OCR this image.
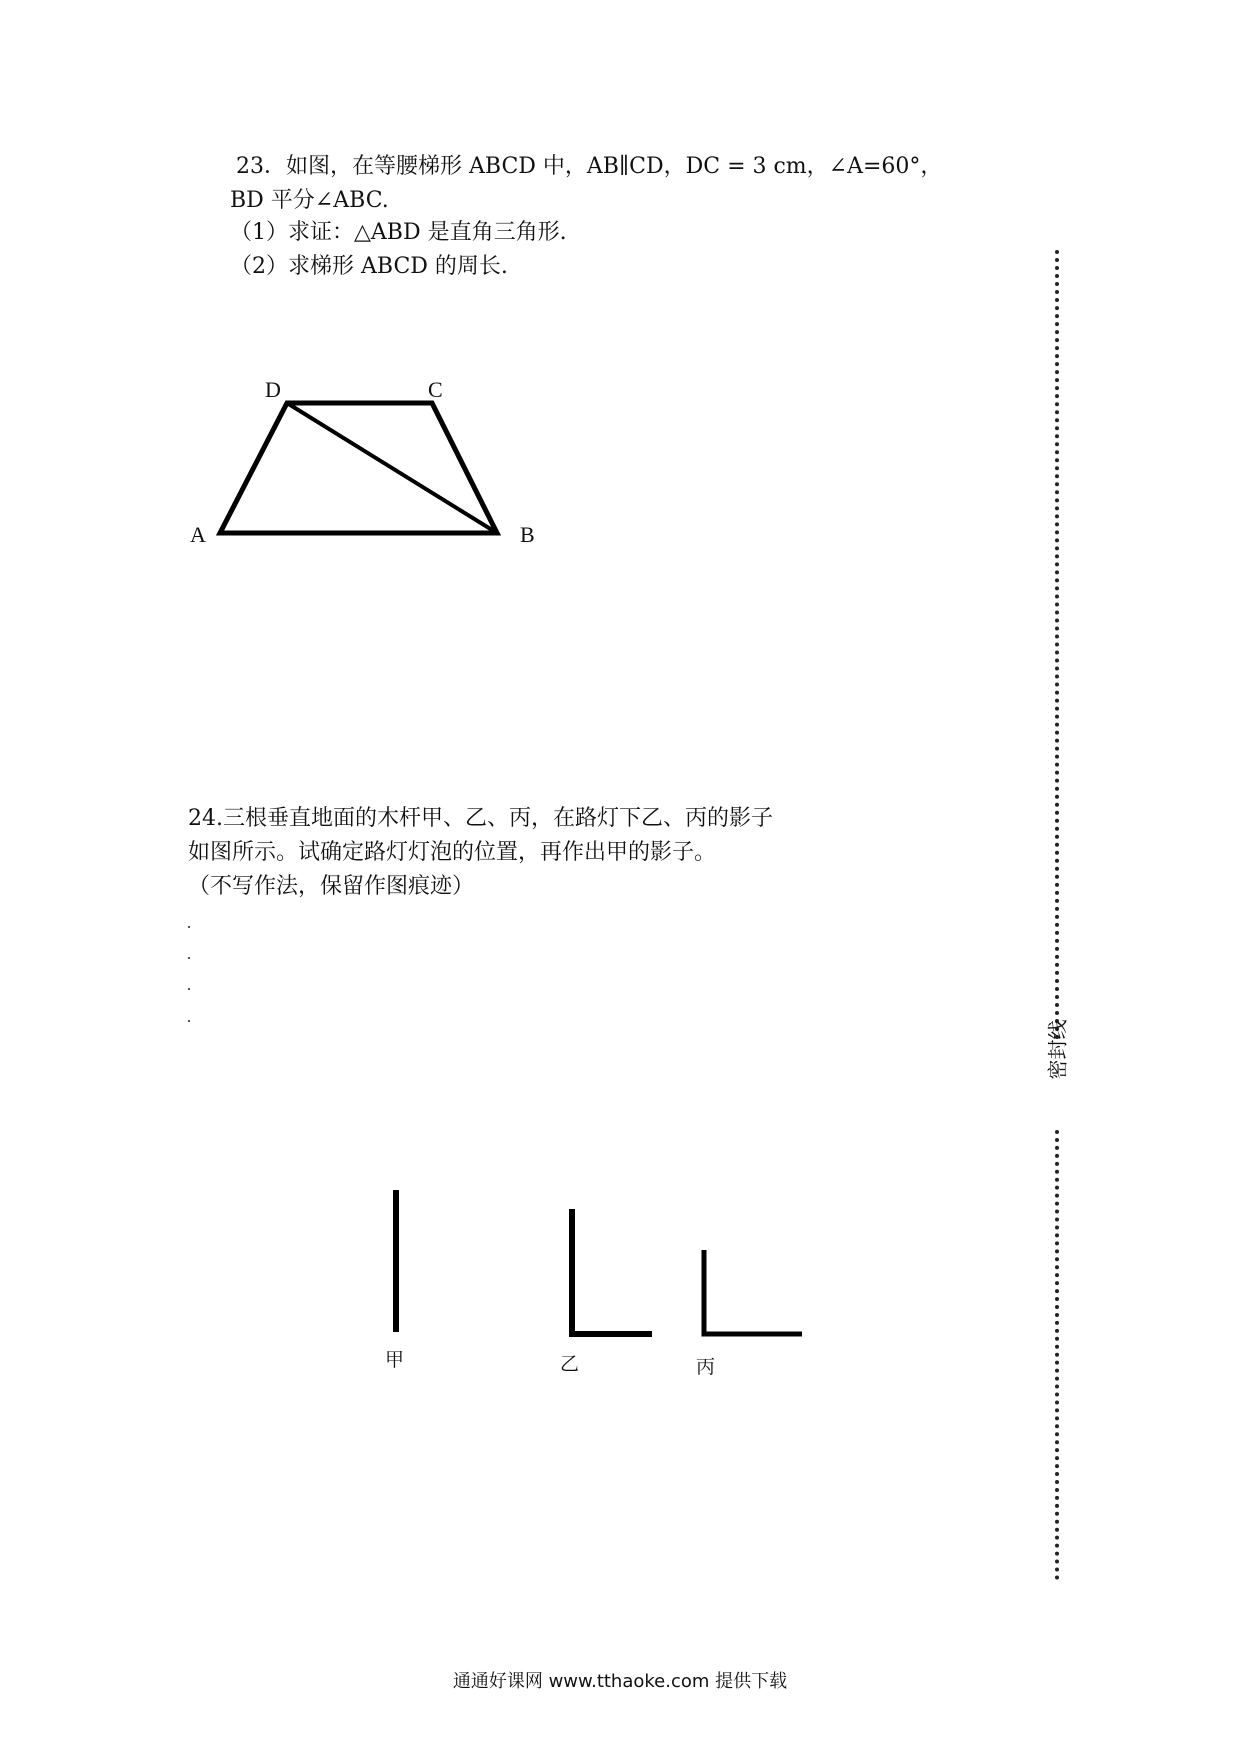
23．如图，在等腰梯形 ABCD 中，AB∥CD，DC = 3 cm，∠A=60°，
BD 平分∠ABC.
（1）求证：△ABD 是直角三角形.
（2）求梯形 ABCD 的周长.
D	C
A	B
24.三根垂直地面的木杆甲、乙、丙，在路灯下乙、丙的影子
如图所示。试确定路灯灯泡的位置，再作出甲的影子。
（不写作法，保留作图痕迹）
甲	乙	丙
密封线
通通好课网 www.tthaoke.com 提供下载
